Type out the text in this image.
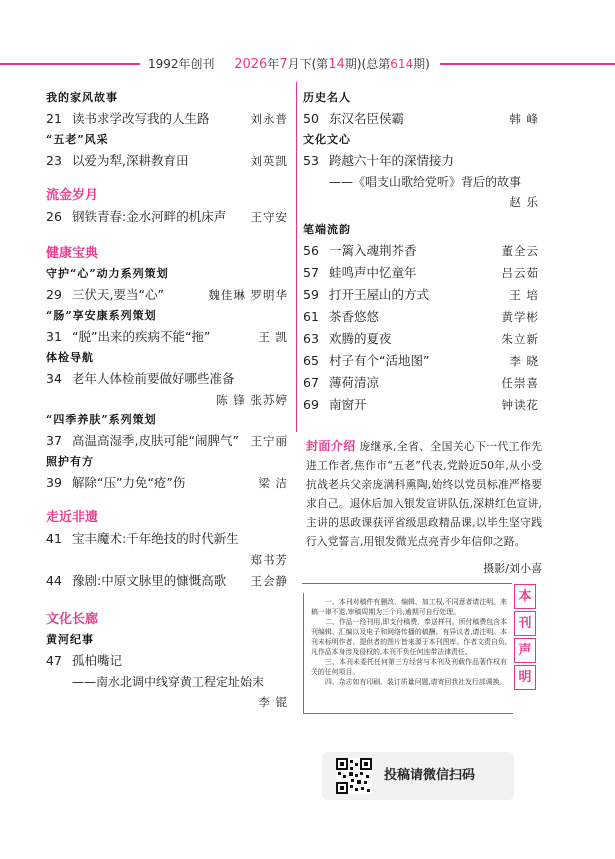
1992年创刊 2026年7月下(第14期)(总第614期)
我的家风故事
21 读书求学改写我的人生路	刘永普
“五老”风采
23 以爱为犁,深耕教育田	刘英凯
流金岁月
26 钢铁青春:金水河畔的机床声 王守安
健康宝典
守护“心”动力系列策划
29 三伏天,要当“心”	魏佳琳 罗明华
“肠”享安康系列策划
31 “脱”出来的疾病不能“拖”	王 凯
体检导航
34 老年人体检前要做好哪些准备
陈 锋 张苏婷
“四季养肤”系列策划
37 高温高湿季,皮肤可能“闹脾气” 王宁丽
照护有方
39 解除“压”力免“疮”伤	梁 洁
走近非遗
41 宝丰魔术:千年绝技的时代新生
郑书芳
44 豫剧:中原文脉里的慷慨高歌 王会静
文化长廊
黄河纪事
47 孤柏嘴记
——南水北调中线穿黄工程定址始末
李 锟
历史名人
50 东汉名臣侯霸	韩 峰
文化文心
53 跨越六十年的深情接力
——《唱支山歌给党听》背后的故事
赵 乐
笔端流韵
56 一篱入魂荆芥香	董全云
57 蛙鸣声中忆童年	吕云茹
59 打开王屋山的方式	王 培
61 茶香悠悠	黄学彬
63 欢腾的夏夜	朱立新
65 村子有个“活地图”	李 晓
67 薄荷清凉	任崇喜
69 南窗开	钟读花
封面介绍 庞继承,全省、全国关心下一代工作先进工作者,焦作市“五老”代表,党龄近50年,从小受抗战老兵父亲庞满科熏陶,始终以党员标准严格要求自己。退休后加入银发宣讲队伍,深耕红色宣讲,主讲的思政课获评省级思政精品课,以毕生坚守践行入党誓言,用银发微光点亮青少年信仰之路。
摄影/刘小喜

一、本刊对稿件有删改、编辑、加工权,不同意者请注明。来稿一律不退,审稿周期为三个月,逾期可自行处理。

二、作品一经刊用,即支付稿费、奉送样刊。所付稿费包含本刊编辑、汇编以及电子和网络传播的稿酬。有异议者,请注明。本刊未标明作者、提供者的图片皆来源于本刊图库。作者文责自负,凡作品本身涉及侵权的,本刊不负任何连带法律责任。

三、本刊未委托任何第三方经营与本刊及刊载作品著作权有关的任何项目。

四、杂志如有印刷、装订质量问题,请寄回我社发行部调换。

本
刊
声
明
投稿请微信扫码
